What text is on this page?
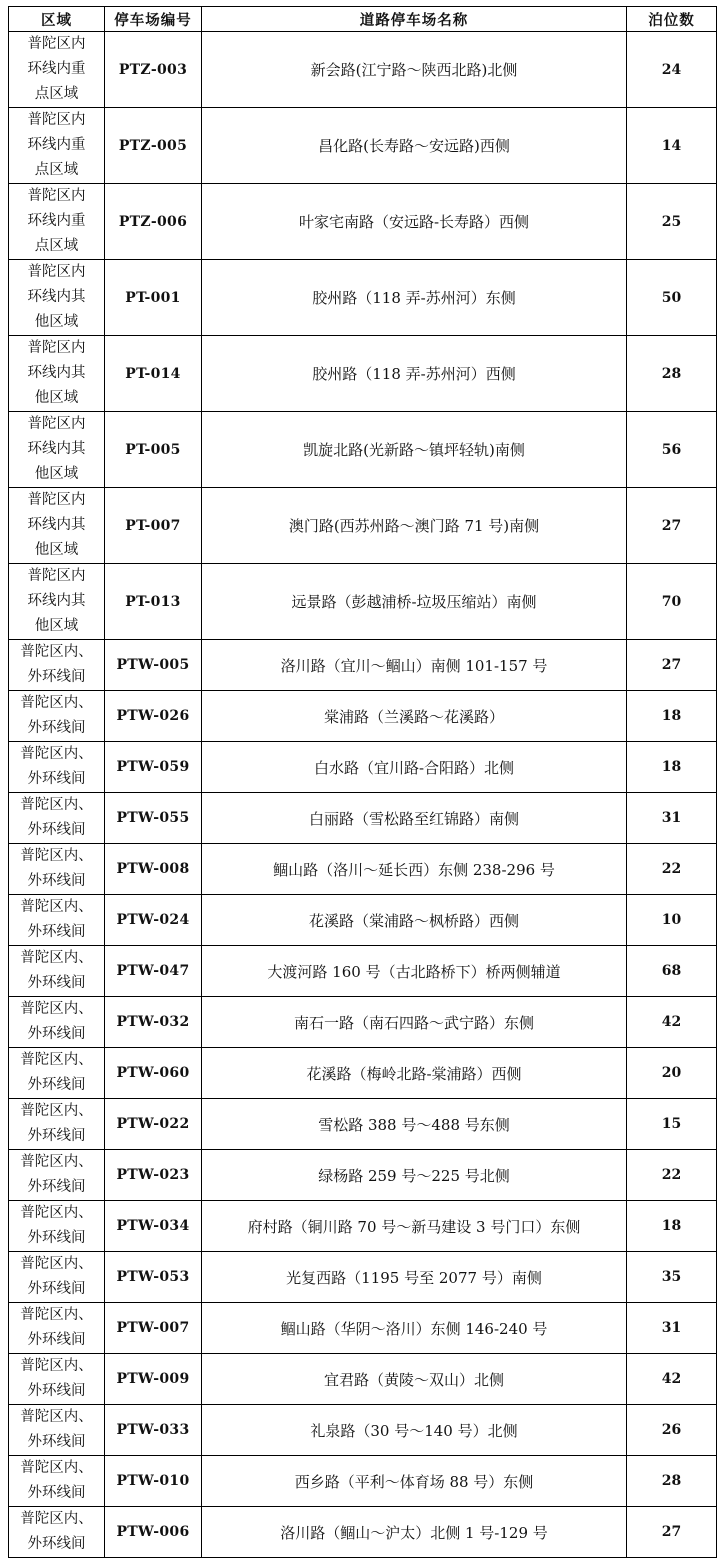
区域	停车场编号	道路停车场名称	泊位数

普陀区内
环线内重
点区域	PTZ-003	新会路(江宁路～陕西北路)北侧	24

普陀区内
环线内重
点区域	PTZ-005	昌化路(长寿路～安远路)西侧	14

普陀区内
环线内重
点区域	PTZ-006	叶家宅南路（安远路-长寿路）西侧	25

普陀区内
环线内其
他区域	PT-001	胶州路（118 弄-苏州河）东侧	50

普陀区内
环线内其
他区域	PT-014	胶州路（118 弄-苏州河）西侧	28

普陀区内
环线内其
他区域	PT-005	凯旋北路(光新路～镇坪轻轨)南侧	56

普陀区内
环线内其
他区域	PT-007	澳门路(西苏州路～澳门路 71 号)南侧	27

普陀区内
环线内其
他区域	PT-013	远景路（彭越浦桥-垃圾压缩站）南侧	70

普陀区内、
外环线间	PTW-005	洛川路（宜川～鲴山）南侧 101-157 号	27

普陀区内、
外环线间	PTW-026	棠浦路（兰溪路～花溪路）	18

普陀区内、
外环线间	PTW-059	白水路（宜川路-合阳路）北侧	18

普陀区内、
外环线间	PTW-055	白丽路（雪松路至红锦路）南侧	31

普陀区内、
外环线间	PTW-008	鲴山路（洛川～延长西）东侧 238-296 号	22

普陀区内、
外环线间	PTW-024	花溪路（棠浦路～枫桥路）西侧	10

普陀区内、
外环线间	PTW-047	大渡河路 160 号（古北路桥下）桥两侧辅道	68

普陀区内、
外环线间	PTW-032	南石一路（南石四路～武宁路）东侧	42

普陀区内、
外环线间	PTW-060	花溪路（梅岭北路-棠浦路）西侧	20

普陀区内、
外环线间	PTW-022	雪松路 388 号～488 号东侧	15

普陀区内、
外环线间	PTW-023	绿杨路 259 号～225 号北侧	22

普陀区内、
外环线间	PTW-034	府村路（铜川路 70 号～新马建设 3 号门口）东侧	18

普陀区内、
外环线间	PTW-053	光复西路（1195 号至 2077 号）南侧	35

普陀区内、
外环线间	PTW-007	鲴山路（华阴～洛川）东侧 146-240 号	31

普陀区内、
外环线间	PTW-009	宜君路（黄陵～双山）北侧	42

普陀区内、
外环线间	PTW-033	礼泉路（30 号～140 号）北侧	26

普陀区内、
外环线间	PTW-010	西乡路（平利～体育场 88 号）东侧	28

普陀区内、
外环线间	PTW-006	洛川路（鲴山～沪太）北侧 1 号-129 号	27
